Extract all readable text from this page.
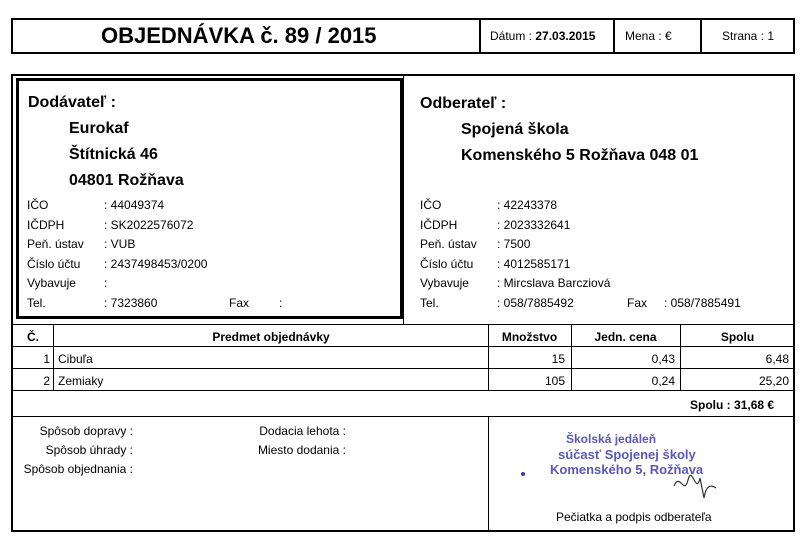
OBJEDNÁVKA č. 89 / 2015	Dátum : 27.03.2015 Mena : €	Strana : 1
Dodávateľ :
Eurokaf
Štítnická 46
04801 Rožňava
IČO	: 44049374
IČDPH	: SK2022576072
Peň. ústav	: VUB
Číslo účtu	: 2437498453/0200
Vybavuje	:
Tel.	: 7323860	Fax	:
Odberateľ :
Spojená škola
Komenského 5 Rožňava 048 01
IČO	: 42243378
IČDPH	: 2023332641
Peň. ústav	: 7500
Číslo účtu	: 4012585171
Vybavuje	: Mircslava Barcziová
Tel.	: 058/7885492	Fax	: 058/7885491
Č.	Predmet objednávky	Množstvo	Jedn. cena	Spolu
1 Cibuľa	15	0,43	6,48
2 Zemiaky	105	0,24	25,20
Spolu : 31,68 €
Spôsob dopravy :
Spôsob úhrady :
Spôsob objednania :
Dodacia lehota :
Miesto dodania :
Školská jedáleň
súčasť Spojenej školy
Komenského 5, Rožňava
Pečiatka a podpis odberateľa
